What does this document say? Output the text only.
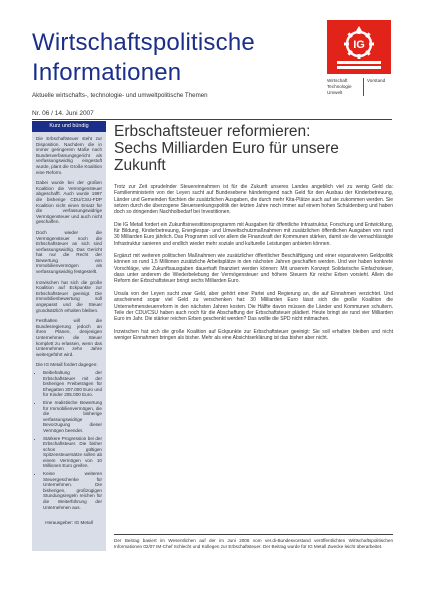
Wirtschaftspolitische
Informationen
Aktuelle wirtschafts-, technologie- und umweltpolitische Themen
IG
Wirtschaft Technologie Umwelt
Vorstand
Nr. 06 / 14. Juni 2007
Kurz und bündig

Die Erbschaftsteuer steht zur Disposition. Nachdem die in immer geringerem Maße nach Bundesverfassungsgericht als verfassungswidrig eingestuft wurde, plant die Große Koalition eine Reform.

Dabei wurde bei der großen Koalition die Vermögensteuer abgeschafft. Auch wurde 1997 die bisherige CDU/CSU-FDP Koalition nicht einen Ersatz für die verfassungswidrige Vermögensteuer und auch nicht geschaffen.

Doch wieder die Vermögensteuer noch die Erbschaftsteuer an sich sind verfassungswidrig. Das Gericht hat nur die Recht der Bewertung von Immobilienvermögen als verfassungswidrig festgestellt.

Inzwischen hat sich die große Koalition auf Eckpunkte zur Erbschaftsteuer geeinigt. Die Immobilienbewertung soll angepasst und die Steuer grundsätzlich erhalten bleiben.

Festhalten will die Bundesregierung jedoch an ihren Plänen, denjenigen Unternehmen die Steuer komplett zu erlassen, wenn das Unternehmen zehn Jahre weitergeführt wird.

Die IG Metall fordert dagegen:
• Beibehaltung der Erbschaftsteuer mit der bisherigen Freibeträgen für Ehegatten 307.000 Euro und für Kinder 205.000 Euro.
• Eine realistische Bewertung für Immobilienvermögen, die die bisherige verfassungswidrige Bevorzugung dieser Vermögen beendet.
• Stärkere Progression bei der Erbschaftsteuer. Die bisher schon gültigen Spitzensteuersätze sollen ab einem Vermögen von 10 Millionen Euro greifen.
• Keine weiteren Steuergeschenke für Unternehmen. Die bisherigen, großzügigen Stundungsregeln reichen für die Weiterführung der Unternehmen aus.
Herausgeber: IG Metall
Erbschaftsteuer reformieren:
Sechs Milliarden Euro für unsere Zukunft

Trotz zur Zeit sprudelnder Steuereinnahmen ist für die Zukunft unseres Landes angeblich viel zu wenig Geld da: Familienministerin von der Leyen sucht auf Bundesebene händeringend nach Geld für den Ausbau der Kinderbetreuung, Länder und Gemeinden fürchten die zusätzlichen Ausgaben, die durch mehr Kita-Plätze auch auf sie zukommen werden. Sie setzen durch die überzogene Steuersenkungspolitik der letzten Jahre noch immer auf einem hohen Schuldenberg und haben doch so dringenden Nachholbedarf bei Investitionen.

Die IG Metall fordert ein Zukunftsinvestitionsprogramm mit Ausgaben für öffentliche Infrastruktur, Forschung und Entwicklung, für Bildung, Kinderbetreuung, Energiespar- und Umweltschutzmaßnahmen mit zusätzlichen öffentlichen Ausgaben von rund 30 Milliarden Euro jährlich. Das Programm soll vor allem die Finanzkraft der Kommunen stärken, damit sie die vernachlässigte Infrastruktur sanieren und endlich wieder mehr soziale und kulturelle Leistungen anbieten können.

Ergänzt mit weiteren politischen Maßnahmen wie zusätzlicher öffentlicher Beschäftigung und einer expansiveren Geldpolitik können so rund 1,5 Millionen zusätzliche Arbeitsplätze in den nächsten Jahren geschaffen werden. Und wer haben konkrete Vorschläge, wie Zukunftsausgaben dauerhaft finanziert werden können: Mit unserem Konzept Solidarische Einfachsteuer, dass unter anderem die Wiederbelebung der Vermögensteuer und höhere Steuern für reiche Erben vorsieht. Allein die Reform der Erbschaftsteuer bringt sechs Milliarden Euro.

Ursula von der Leyen sucht zwar Geld, aber gehört einer Partei und Regierung an, die auf Einnahmen verzichtet. Und anscheinend sogar viel Geld zu verschenken hat: 30 Milliarden Euro lässt sich die große Koalition die Unternehmensteuerreform in den nächsten Jahren kosten. Die Hälfte davon müssen die Länder und Kommunen schultern. Teile der CDU/CSU haben auch noch für die Abschaffung der Erbschaftsteuer plädiert. Heute bringt sie rund vier Milliarden Euro im Jahr. Die stärker reichen Erben geschenkt werden? Das wollte die SPD nicht mitmachen.

Inzwischen hat sich die große Koalition auf Eckpunkte zur Erbschaftsteuer geeinigt: Sie soll erhalten bleiben und nicht weniger Einnahmen bringen als bisher. Mehr als eine Absichtserklärung ist das bisher aber nicht.

Der Beitrag basiert im Wesentlichen auf der im Juni 2006 vom ver.di-Bundesvorstand veröffentlichten Wirtschaftspolitischen Informationen 02/07 IM-Chef Schlecht und Kollegen zur Erbschaftsteuer. Der Beitrag wurde für IG Metall Zwecke leicht überarbeitet.
